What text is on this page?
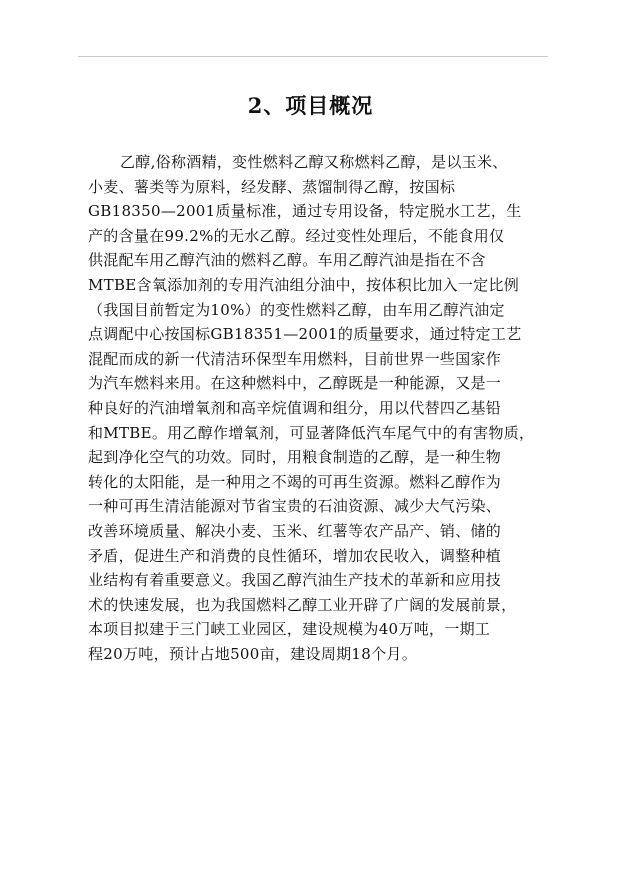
2、项目概况
乙醇,俗称酒精，变性燃料乙醇又称燃料乙醇，是以玉米、
小麦、薯类等为原料，经发酵、蒸馏制得乙醇，按国标
GB18350—2001质量标准，通过专用设备，特定脱水工艺，生
产的含量在99.2%的无水乙醇。经过变性处理后，不能食用仅
供混配车用乙醇汽油的燃料乙醇。车用乙醇汽油是指在不含
MTBE含氧添加剂的专用汽油组分油中，按体积比加入一定比例
（我国目前暂定为10%）的变性燃料乙醇，由车用乙醇汽油定
点调配中心按国标GB18351—2001的质量要求，通过特定工艺
混配而成的新一代清洁环保型车用燃料，目前世界一些国家作
为汽车燃料来用。在这种燃料中，乙醇既是一种能源，又是一
种良好的汽油增氧剂和高辛烷值调和组分，用以代替四乙基铅
和MTBE。用乙醇作增氧剂，可显著降低汽车尾气中的有害物质，
起到净化空气的功效。同时，用粮食制造的乙醇，是一种生物
转化的太阳能，是一种用之不竭的可再生资源。燃料乙醇作为
一种可再生清洁能源对节省宝贵的石油资源、减少大气污染、
改善环境质量、解决小麦、玉米、红薯等农产品产、销、储的
矛盾，促进生产和消费的良性循环，增加农民收入，调整种植
业结构有着重要意义。我国乙醇汽油生产技术的革新和应用技
术的快速发展，也为我国燃料乙醇工业开辟了广阔的发展前景，
本项目拟建于三门峡工业园区，建设规模为40万吨，一期工
程20万吨，预计占地500亩，建设周期18个月。
